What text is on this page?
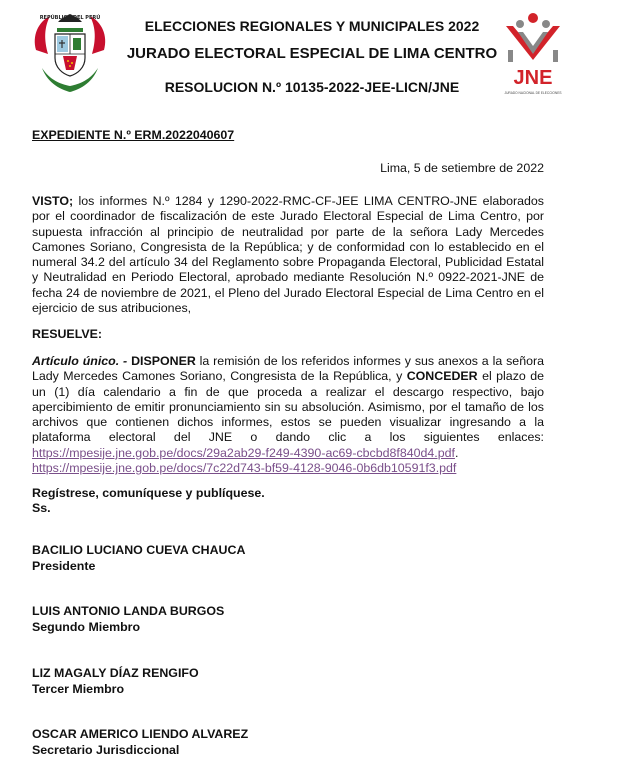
REPÚBLICA DEL PERÚ	ELECCIONES REGIONALES Y MUNICIPALES 2022
JURADO ELECTORAL ESPECIAL DE LIMA CENTRO
RESOLUCION N.º 10135-2022-JEE-LICN/JNE	JNE
JURADO NACIONAL DE ELECCIONES
EXPEDIENTE N.º ERM.2022040607
Lima, 5 de setiembre de 2022
VISTO; los informes N.º 1284 y 1290-2022-RMC-CF-JEE LIMA CENTRO-JNE elaborados por el coordinador de fiscalización de este Jurado Electoral Especial de Lima Centro, por supuesta infracción al principio de neutralidad por parte de la señora Lady Mercedes Camones Soriano, Congresista de la República; y de conformidad con lo establecido en el numeral 34.2 del artículo 34 del Reglamento sobre Propaganda Electoral, Publicidad Estatal y Neutralidad en Periodo Electoral, aprobado mediante Resolución N.º 0922-2021-JNE de fecha 24 de noviembre de 2021, el Pleno del Jurado Electoral Especial de Lima Centro en el ejercicio de sus atribuciones,
RESUELVE:
Artículo único. - DISPONER la remisión de los referidos informes y sus anexos a la señora Lady Mercedes Camones Soriano, Congresista de la República, y CONCEDER el plazo de un (1) día calendario a fin de que proceda a realizar el descargo respectivo, bajo apercibimiento de emitir pronunciamiento sin su absolución. Asimismo, por el tamaño de los archivos que contienen dichos informes, estos se pueden visualizar ingresando a la plataforma electoral del JNE o dando clic a los siguientes enlaces:
https://mpesije.jne.gob.pe/docs/29a2ab29-f249-4390-ac69-cbcbd8f840d4.pdf.
https://mpesije.jne.gob.pe/docs/7c22d743-bf59-4128-9046-0b6db10591f3.pdf
Regístrese, comuníquese y publíquese.
Ss.
BACILIO LUCIANO CUEVA CHAUCA
Presidente
LUIS ANTONIO LANDA BURGOS
Segundo Miembro
LIZ MAGALY DÍAZ RENGIFO
Tercer Miembro
OSCAR AMERICO LIENDO ALVAREZ
Secretario Jurisdiccional
